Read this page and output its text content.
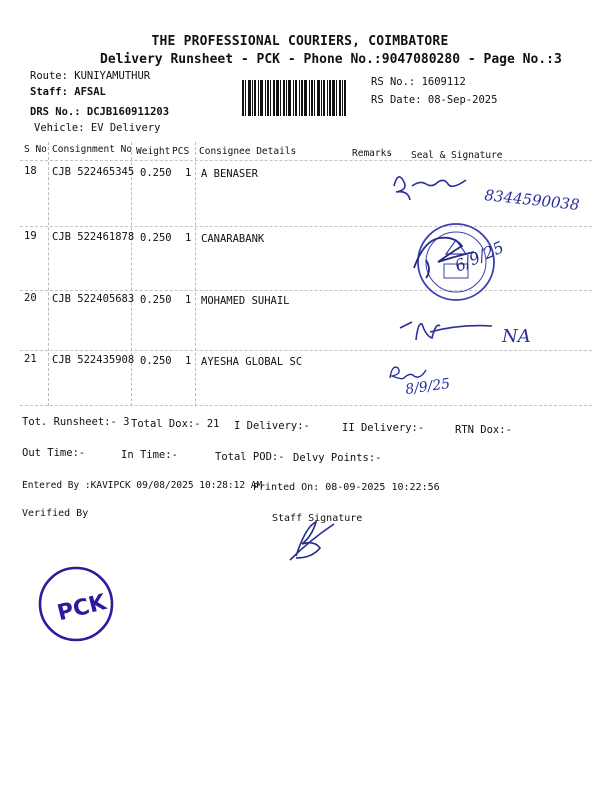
THE PROFESSIONAL COURIERS, COIMBATORE
Delivery Runsheet - PCK - Phone No.:9047080280 - Page No.:3
Route: KUNIYAMUTHUR
Staff: AFSAL
DRS No.: DCJB160911203
Vehicle: EV Delivery
RS No.: 1609112
RS Date: 08-Sep-2025
S No Consignment No Weight PCS Consignee Details	Remarks Seal & Signature
18 CJB 522465345 0.250 1 A BENASER
19 CJB 522461878 0.250 1 CANARABANK
20 CJB 522405683 0.250 1 MOHAMED SUHAIL
21 CJB 522435908 0.250 1 AYESHA GLOBAL SC
8344590038
6/9/25
NA
8/9/25
PCK
Tot. Runsheet:- 3 Total Dox:- 21 I Delivery:-	II Delivery:-	RTN Dox:-
Out Time:-	In Time:-	Total POD:- Delvy Points:-
Entered By :KAVIPCK 09/08/2025 10:28:12 AM
Printed On: 08-09-2025 10:22:56
Verified By	Staff Signature
